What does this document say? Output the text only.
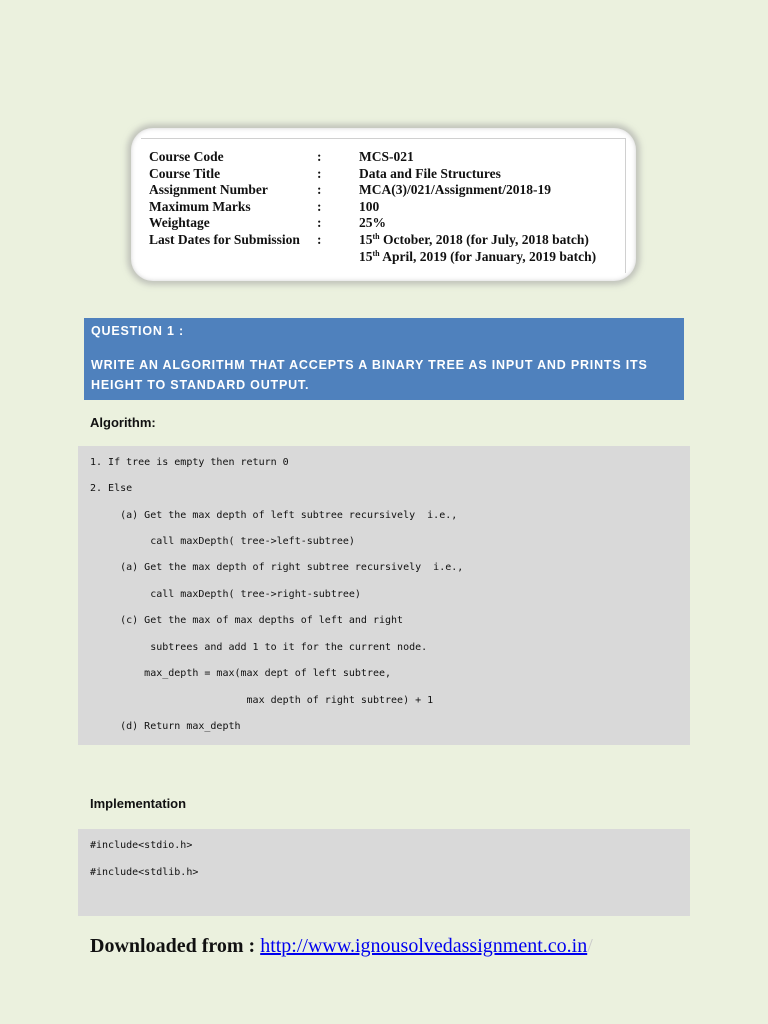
Course Code	:	MCS-021
Course Title	:	Data and File Structures
Assignment Number	:	MCA(3)/021/Assignment/2018-19
Maximum Marks	:	100
Weightage	:	25%
Last Dates for Submission	:	15th October, 2018 (for July, 2018 batch)
15th April, 2019 (for January, 2019 batch)
QUESTION 1 :
WRITE AN ALGORITHM THAT ACCEPTS A BINARY TREE AS INPUT AND PRINTS ITS HEIGHT TO STANDARD OUTPUT.
Algorithm:
1. If tree is empty then return 0
2. Else
(a) Get the max depth of left subtree recursively  i.e.,
call maxDepth( tree->left-subtree)
(a) Get the max depth of right subtree recursively  i.e.,
call maxDepth( tree->right-subtree)
(c) Get the max of max depths of left and right
subtrees and add 1 to it for the current node.
max_depth = max(max dept of left subtree,
max depth of right subtree) + 1
(d) Return max_depth
Implementation
#include<stdio.h>
#include<stdlib.h>
Downloaded from : http://www.ignousolvedassignment.co.in/
